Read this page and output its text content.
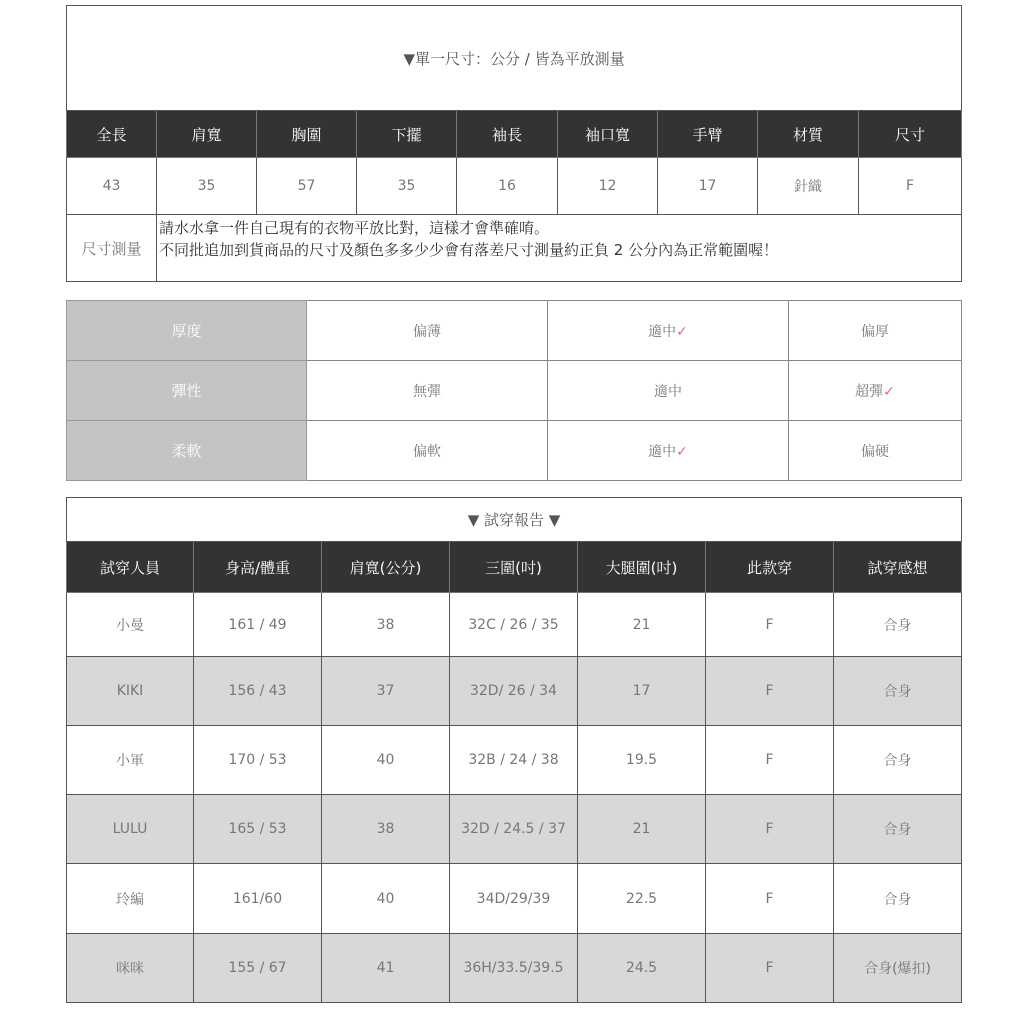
▼單一尺寸：公分 / 皆為平放測量								
全長	肩寬	胸圍	下擺	袖長	袖口寬	手臂	材質	尺寸
43	35	57	35	16	12	17	針織	F
尺寸測量	請水水拿一件自己現有的衣物平放比對，這樣才會準確唷。
不同批追加到貨商品的尺寸及顏色多多少少會有落差尺寸測量約正負 2 公分內為正常範圍喔！							
厚度	偏薄	適中✓	偏厚
彈性	無彈	適中	超彈✓
柔軟	偏軟	適中✓	偏硬
▼ 試穿報告 ▼						
試穿人員	身高/體重	肩寬(公分)	三圍(吋)	大腿圍(吋)	此款穿	試穿感想
小曼	161 / 49	38	32C / 26 / 35	21	F	合身
KIKI	156 / 43	37	32D/ 26 / 34	17	F	合身
小軍	170 / 53	40	32B / 24 / 38	19.5	F	合身
LULU	165 / 53	38	32D / 24.5 / 37	21	F	合身
玲編	161/60	40	34D/29/39	22.5	F	合身
咪咪	155 / 67	41	36H/33.5/39.5	24.5	F	合身(爆扣)
